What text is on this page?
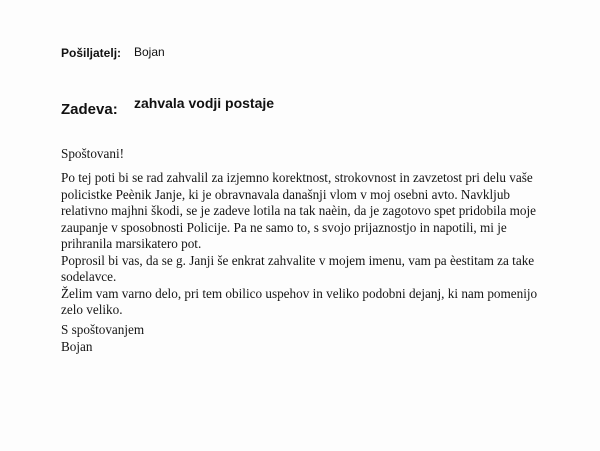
Pošiljatelj: Bojan
Zadeva: zahvala vodji postaje
Spoštovani!
Po tej poti bi se rad zahvalil za izjemno korektnost, strokovnost in zavzetost pri delu vaše
policistke Peènik Janje, ki je obravnavala današnji vlom v moj osebni avto. Navkljub
relativno majhni škodi, se je zadeve lotila na tak naèin, da je zagotovo spet pridobila moje
zaupanje v sposobnosti Policije. Pa ne samo to, s svojo prijaznostjo in napotili, mi je
prihranila marsikatero pot.
Poprosil bi vas, da se g. Janji še enkrat zahvalite v mojem imenu, vam pa èestitam za take
sodelavce.
Želim vam varno delo, pri tem obilico uspehov in veliko podobni dejanj, ki nam pomenijo
zelo veliko.
S spoštovanjem
Bojan
